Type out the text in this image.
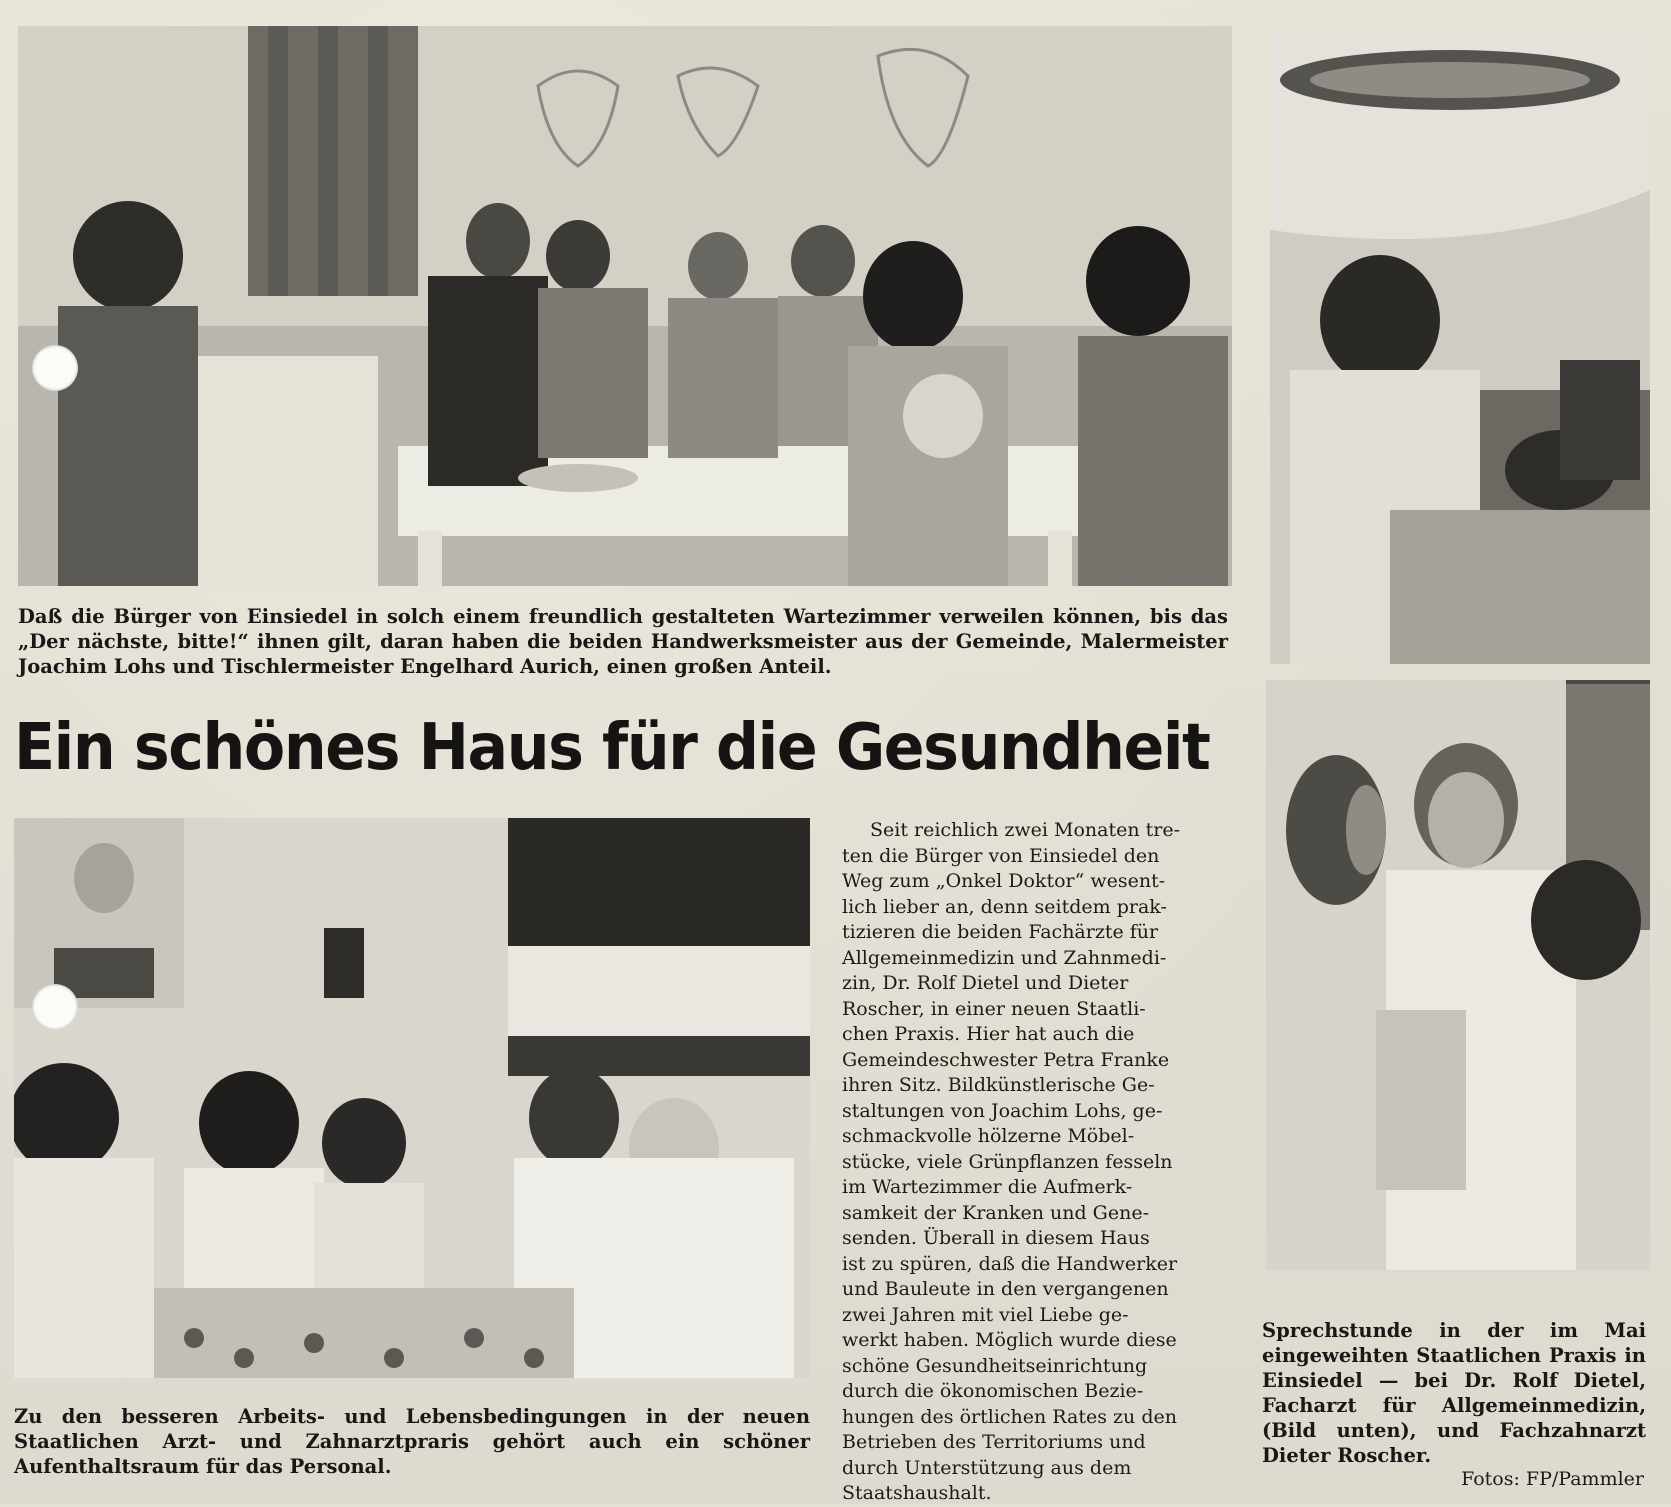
Daß die Bürger von Einsiedel in solch einem freundlich gestalteten Wartezimmer verweilen können, bis das „Der nächste, bitte!“ ihnen gilt, daran haben die beiden Handwerksmeister aus der Gemeinde, Malermeister Joachim Lohs und Tischlermeister Engelhard Aurich, einen großen Anteil.
Ein schönes Haus für die Gesundheit
Seit reichlich zwei Monaten tre-
ten die Bürger von Einsiedel den
Weg zum „Onkel Doktor“ wesent-
lich lieber an, denn seitdem prak-
tizieren die beiden Fachärzte für
Allgemeinmedizin und Zahnmedi-
zin, Dr. Rolf Dietel und Dieter
Roscher, in einer neuen Staatli-
chen Praxis. Hier hat auch die
Gemeindeschwester Petra Franke
ihren Sitz. Bildkünstlerische Ge-
staltungen von Joachim Lohs, ge-
schmackvolle hölzerne Möbel-
stücke, viele Grünpflanzen fesseln
im Wartezimmer die Aufmerk-
samkeit der Kranken und Gene-
senden. Überall in diesem Haus
ist zu spüren, daß die Handwerker
und Bauleute in den vergangenen
zwei Jahren mit viel Liebe ge-
werkt haben. Möglich wurde diese
schöne Gesundheitseinrichtung
durch die ökonomischen Bezie-
hungen des örtlichen Rates zu den
Betrieben des Territoriums und
durch Unterstützung aus dem
Staatshaushalt.
Zu den besseren Arbeits- und Lebensbedingungen in der neuen Staatlichen Arzt- und Zahnarztpraris gehört auch ein schöner Aufenthaltsraum für das Personal.
Sprechstunde in der im Mai eingeweihten Staatlichen Praxis in Einsiedel — bei Dr. Rolf Dietel, Facharzt für Allgemeinmedizin, (Bild unten), und Fachzahnarzt Dieter Roscher.
Fotos: FP/Pammler
